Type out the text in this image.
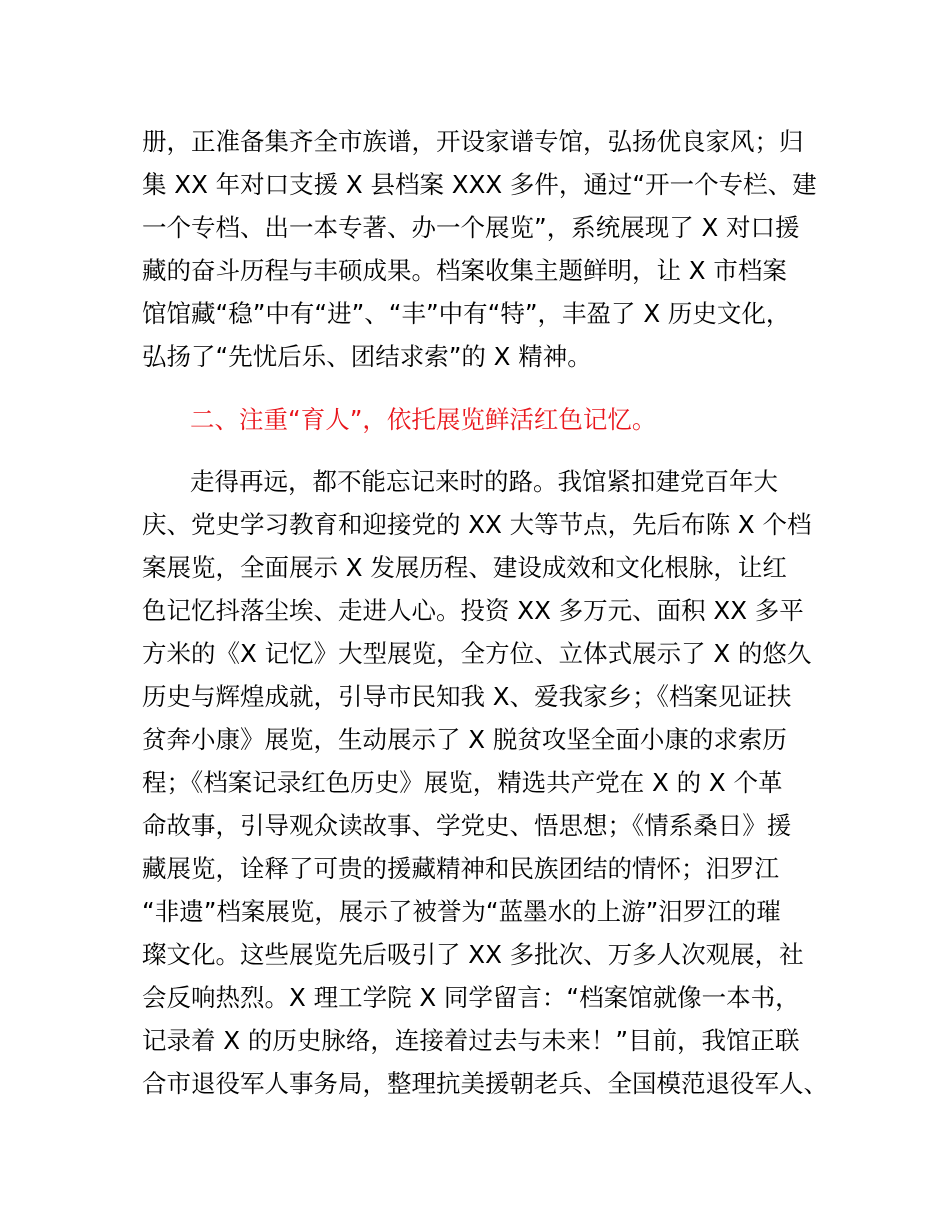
册，正准备集齐全市族谱，开设家谱专馆，弘扬优良家风；归
集 XX 年对口支援 X 县档案 XXX 多件，通过“开一个专栏、建
一个专档、出一本专著、办一个展览”，系统展现了 X 对口援
藏的奋斗历程与丰硕成果。档案收集主题鲜明，让 X 市档案
馆馆藏“稳”中有“进”、“丰”中有“特”，丰盈了 X 历史文化，
弘扬了“先忧后乐、团结求索”的 X 精神。
二、注重“育人”，依托展览鲜活红色记忆。
走得再远，都不能忘记来时的路。我馆紧扣建党百年大
庆、党史学习教育和迎接党的 XX 大等节点，先后布陈 X 个档
案展览，全面展示 X 发展历程、建设成效和文化根脉，让红
色记忆抖落尘埃、走进人心。投资 XX 多万元、面积 XX 多平
方米的《X 记忆》大型展览，全方位、立体式展示了 X 的悠久
历史与辉煌成就，引导市民知我 X、爱我家乡；《档案见证扶
贫奔小康》展览，生动展示了 X 脱贫攻坚全面小康的求索历
程；《档案记录红色历史》展览，精选共产党在 X 的 X 个革
命故事，引导观众读故事、学党史、悟思想；《情系桑日》援
藏展览，诠释了可贵的援藏精神和民族团结的情怀；汨罗江
“非遗”档案展览，展示了被誉为“蓝墨水的上游”汨罗江的璀
璨文化。这些展览先后吸引了 XX 多批次、万多人次观展，社
会反响热烈。X 理工学院 X 同学留言：“档案馆就像一本书，
记录着 X 的历史脉络，连接着过去与未来！”目前，我馆正联
合市退役军人事务局，整理抗美援朝老兵、全国模范退役军人、
